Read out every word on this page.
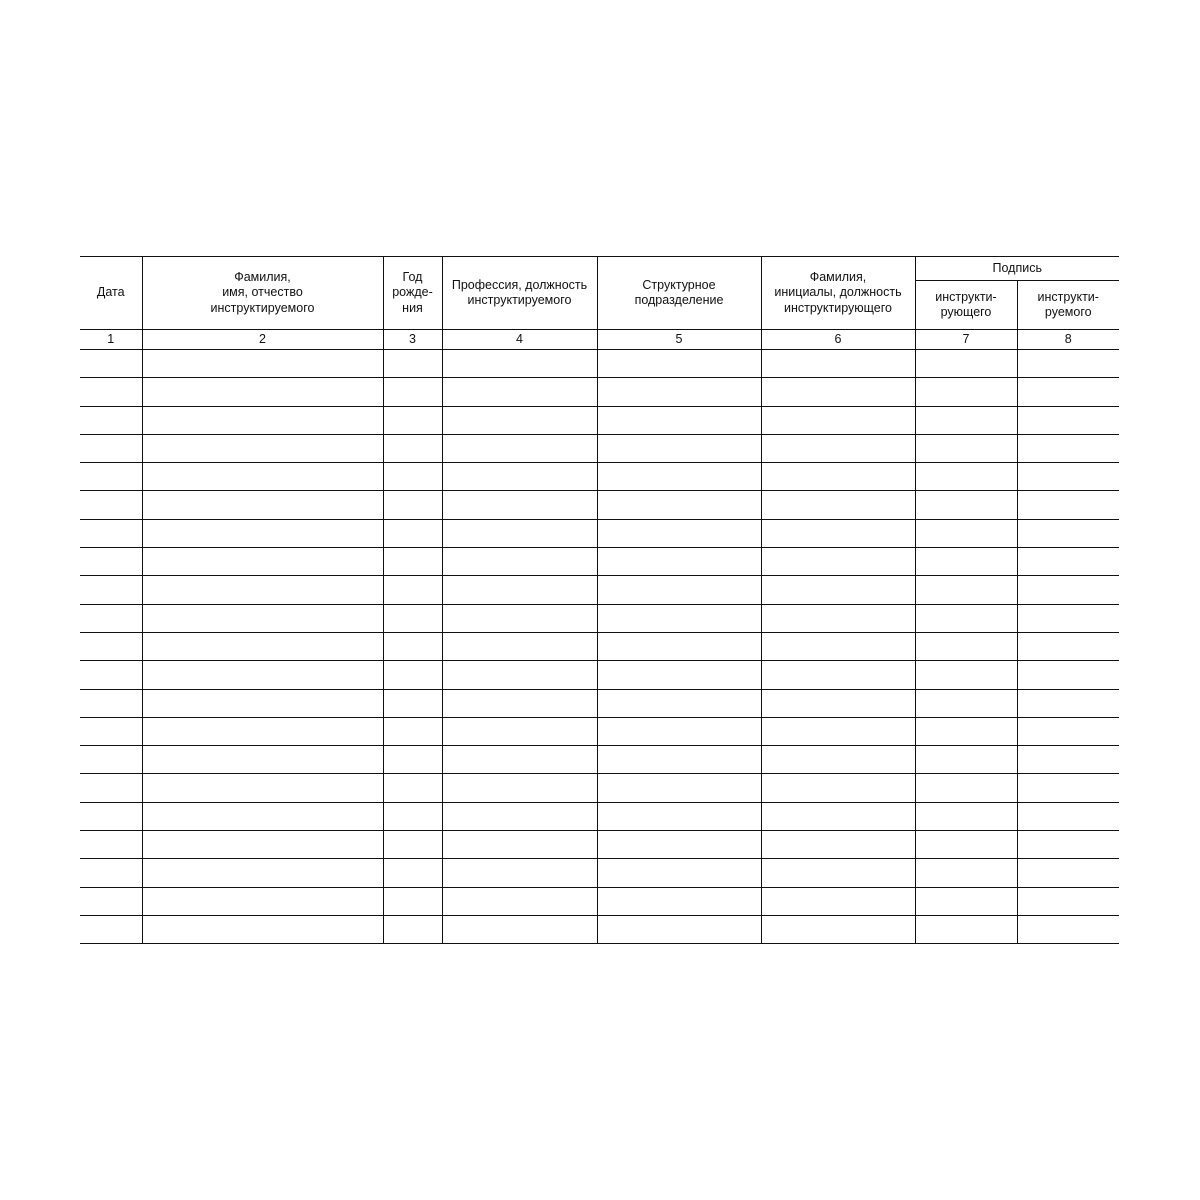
Дата	Фамилия,
имя, отчество
инструктируемого	Год
рожде-
ния	Профессия, должность
инструктируемого	Структурное
подразделение	Фамилия,
инициалы, должность
инструктирующего	Подпись	
						инструкти-
рующего	инструкти-
руемого
1	2	3	4	5	6	7	8
